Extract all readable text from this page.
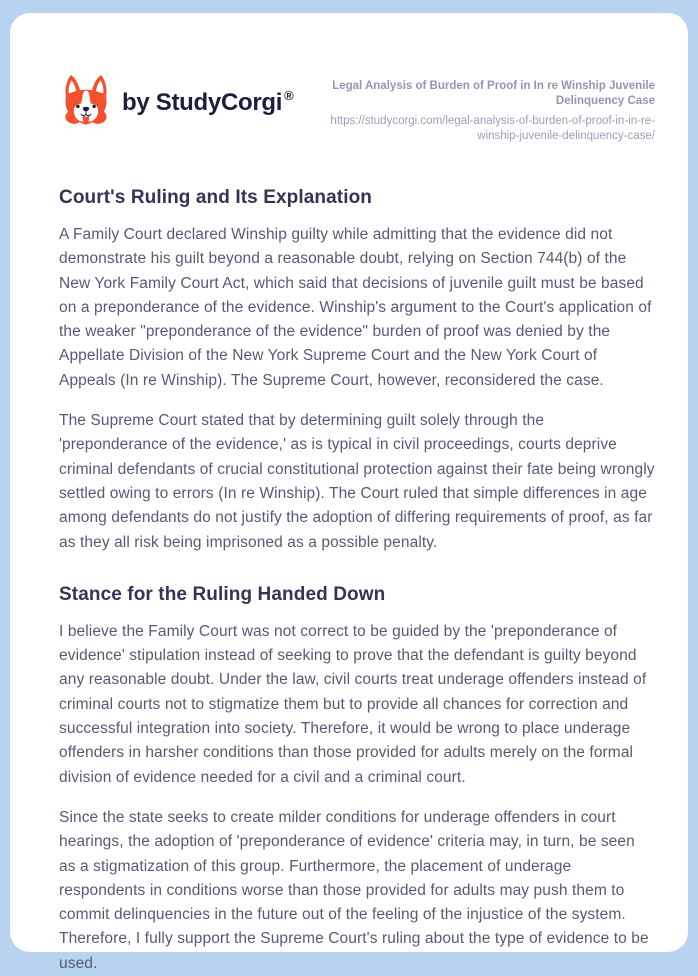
by StudyCorgi ®

Legal Analysis of Burden of Proof in In re Winship Juvenile Delinquency Case

https://studycorgi.com/legal-analysis-of-burden-of-proof-in-in-re-winship-juvenile-delinquency-case/
Court's Ruling and Its Explanation

A Family Court declared Winship guilty while admitting that the evidence did not demonstrate his guilt beyond a reasonable doubt, relying on Section 744(b) of the New York Family Court Act, which said that decisions of juvenile guilt must be based on a preponderance of the evidence. Winship's argument to the Court's application of the weaker "preponderance of the evidence" burden of proof was denied by the Appellate Division of the New York Supreme Court and the New York Court of Appeals (In re Winship). The Supreme Court, however, reconsidered the case.

The Supreme Court stated that by determining guilt solely through the 'preponderance of the evidence,' as is typical in civil proceedings, courts deprive criminal defendants of crucial constitutional protection against their fate being wrongly settled owing to errors (In re Winship). The Court ruled that simple differences in age among defendants do not justify the adoption of differing requirements of proof, as far as they all risk being imprisoned as a possible penalty.

Stance for the Ruling Handed Down

I believe the Family Court was not correct to be guided by the 'preponderance of evidence' stipulation instead of seeking to prove that the defendant is guilty beyond any reasonable doubt. Under the law, civil courts treat underage offenders instead of criminal courts not to stigmatize them but to provide all chances for correction and successful integration into society. Therefore, it would be wrong to place underage offenders in harsher conditions than those provided for adults merely on the formal division of evidence needed for a civil and a criminal court.

Since the state seeks to create milder conditions for underage offenders in court hearings, the adoption of 'preponderance of evidence' criteria may, in turn, be seen as a stigmatization of this group. Furthermore, the placement of underage respondents in conditions worse than those provided for adults may push them to commit delinquencies in the future out of the feeling of the injustice of the system. Therefore, I fully support the Supreme Court's ruling about the type of evidence to be used.
